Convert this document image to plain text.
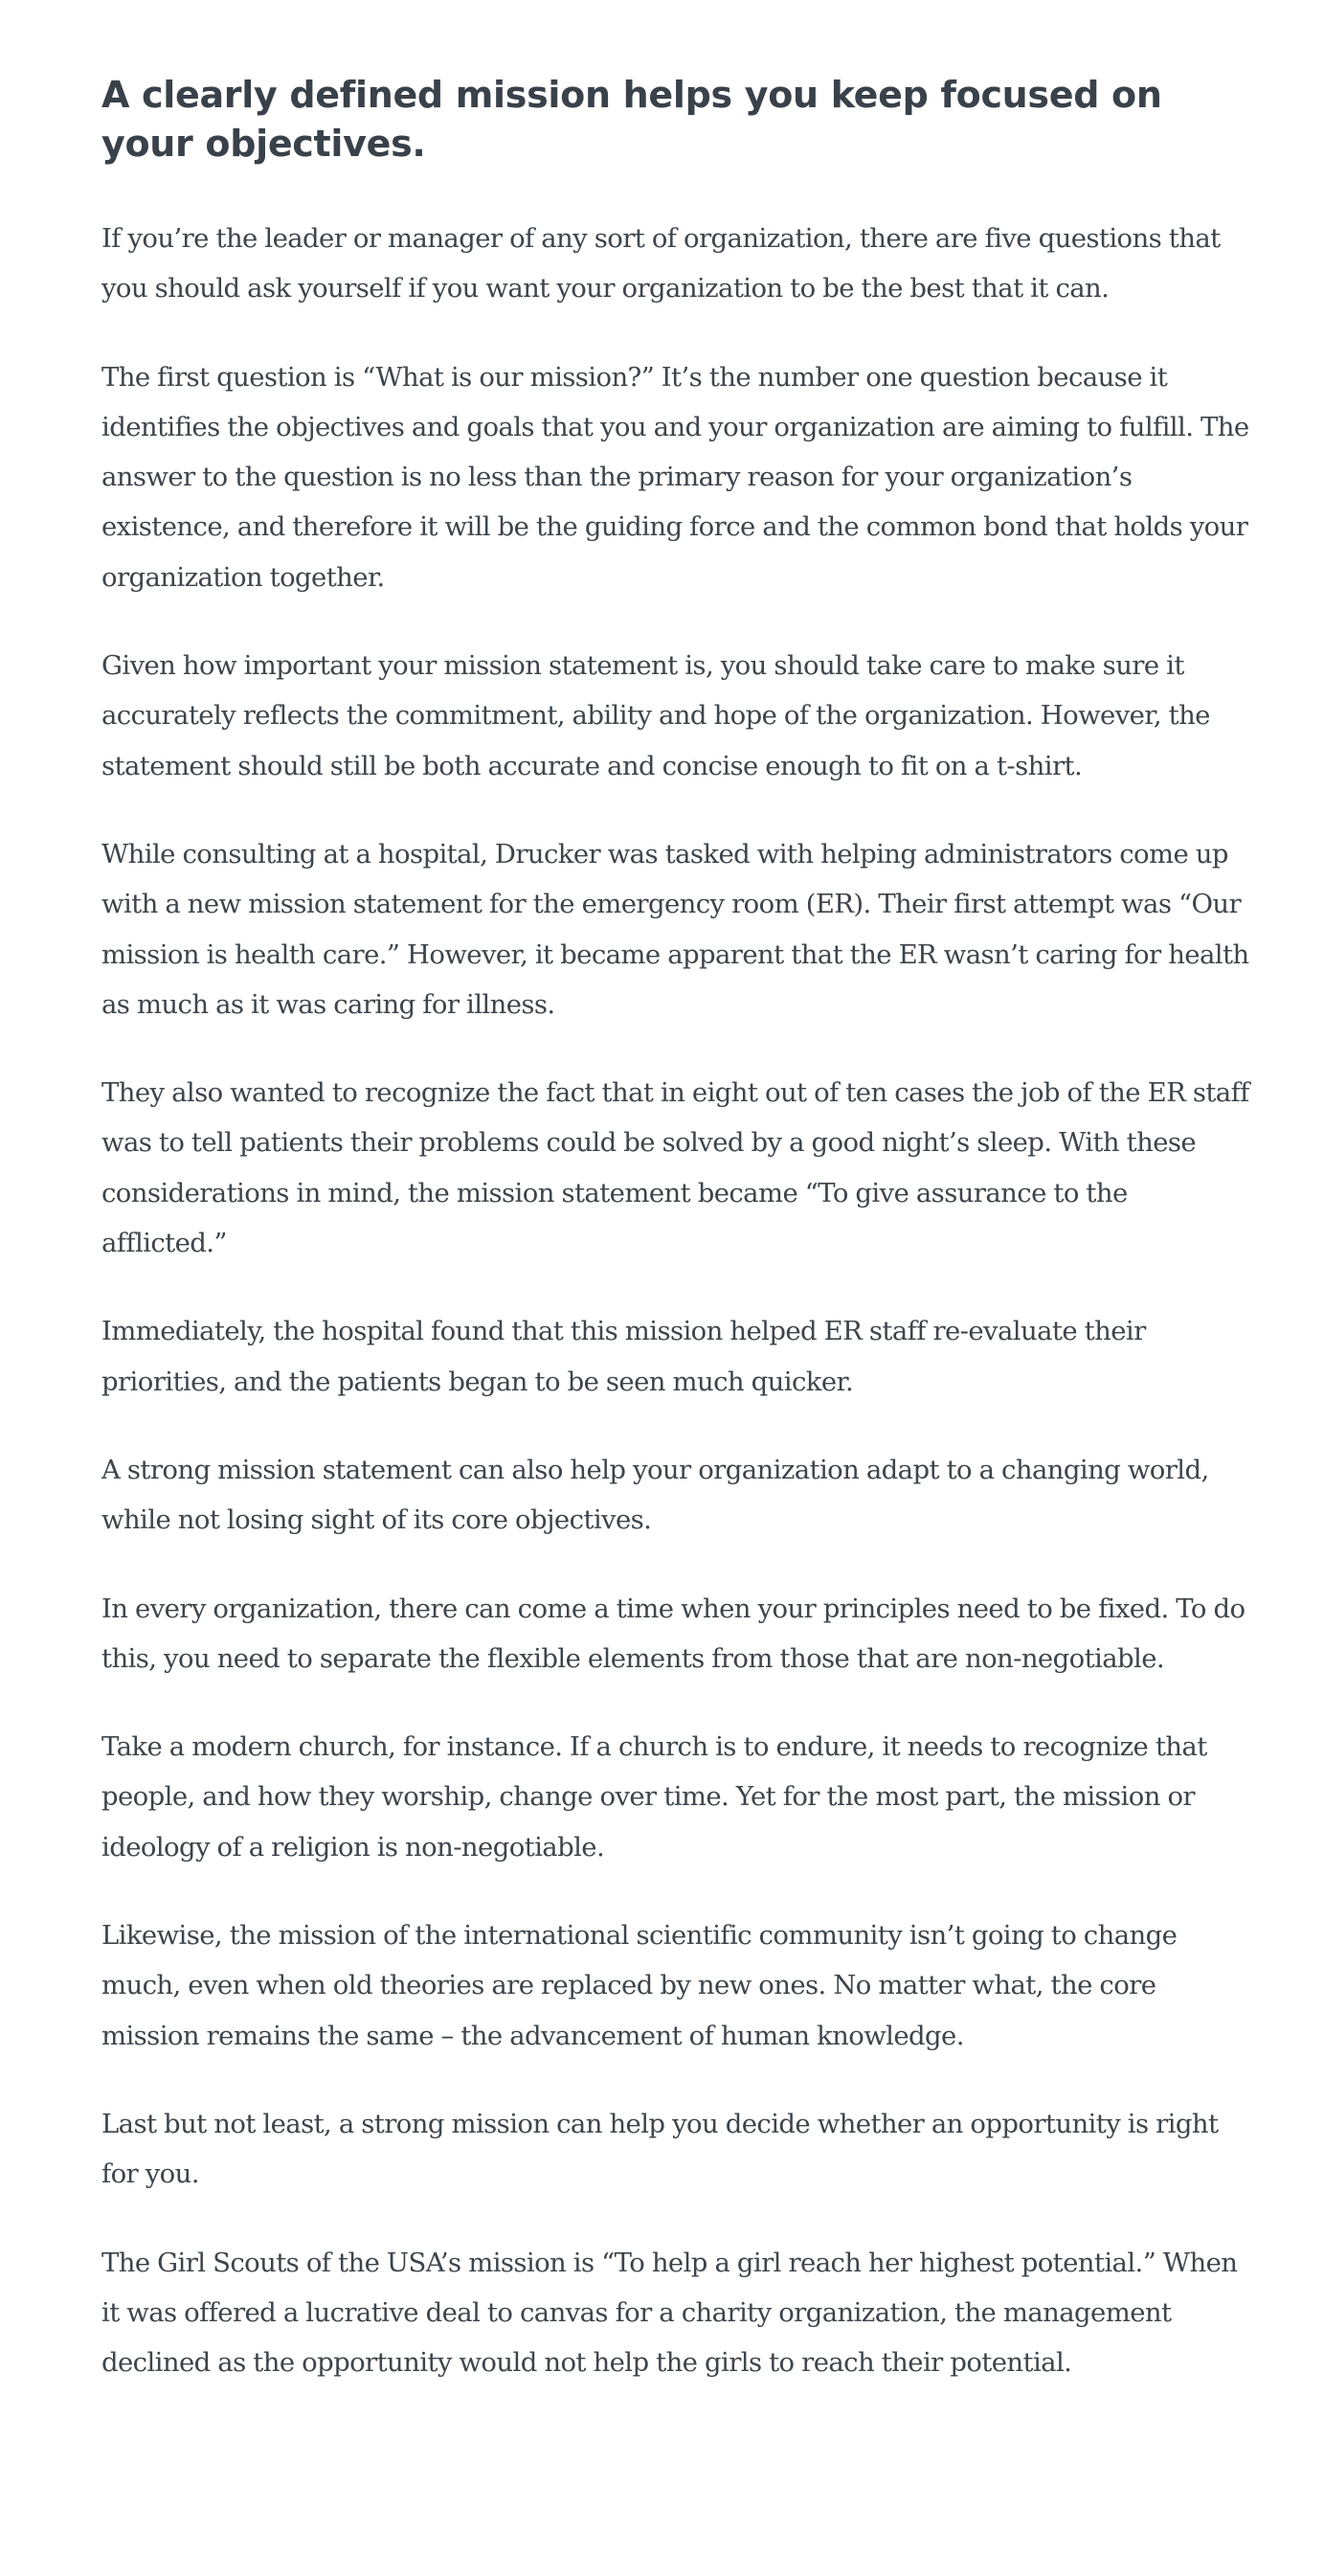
A clearly defined mission helps you keep focused on your objectives.

If you’re the leader or manager of any sort of organization, there are five questions that you should ask yourself if you want your organization to be the best that it can.

The first question is “What is our mission?” It’s the number one question because it identifies the objectives and goals that you and your organization are aiming to fulfill. The answer to the question is no less than the primary reason for your organization’s existence, and therefore it will be the guiding force and the common bond that holds your organization together.

Given how important your mission statement is, you should take care to make sure it accurately reflects the commitment, ability and hope of the organization. However, the statement should still be both accurate and concise enough to fit on a t-shirt.

While consulting at a hospital, Drucker was tasked with helping administrators come up with a new mission statement for the emergency room (ER). Their first attempt was “Our mission is health care.” However, it became apparent that the ER wasn’t caring for health as much as it was caring for illness.

They also wanted to recognize the fact that in eight out of ten cases the job of the ER staff was to tell patients their problems could be solved by a good night’s sleep. With these considerations in mind, the mission statement became “To give assurance to the afflicted.”

Immediately, the hospital found that this mission helped ER staff re-evaluate their priorities, and the patients began to be seen much quicker.

A strong mission statement can also help your organization adapt to a changing world, while not losing sight of its core objectives.

In every organization, there can come a time when your principles need to be fixed. To do this, you need to separate the flexible elements from those that are non-negotiable.

Take a modern church, for instance. If a church is to endure, it needs to recognize that people, and how they worship, change over time. Yet for the most part, the mission or ideology of a religion is non-negotiable.

Likewise, the mission of the international scientific community isn’t going to change much, even when old theories are replaced by new ones. No matter what, the core mission remains the same – the advancement of human knowledge.

Last but not least, a strong mission can help you decide whether an opportunity is right for you.

The Girl Scouts of the USA’s mission is “To help a girl reach her highest potential.” When it was offered a lucrative deal to canvas for a charity organization, the management declined as the opportunity would not help the girls to reach their potential.
